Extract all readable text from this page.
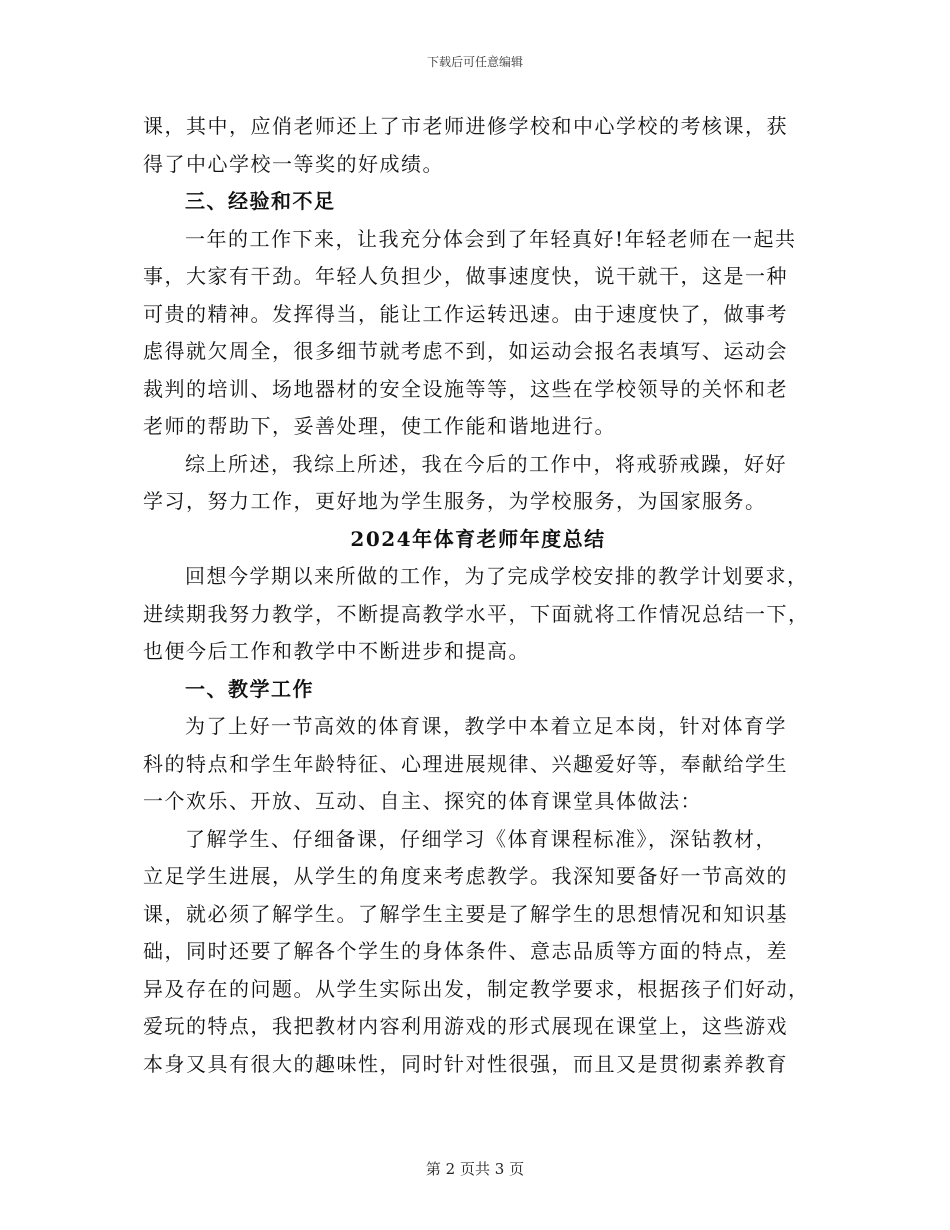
下载后可任意编辑
课，其中，应俏老师还上了市老师进修学校和中心学校的考核课，获
得了中心学校一等奖的好成绩。
三、经验和不足
一年的工作下来，让我充分体会到了年轻真好!年轻老师在一起共
事，大家有干劲。年轻人负担少，做事速度快，说干就干，这是一种
可贵的精神。发挥得当，能让工作运转迅速。由于速度快了，做事考
虑得就欠周全，很多细节就考虑不到，如运动会报名表填写、运动会
裁判的培训、场地器材的安全设施等等，这些在学校领导的关怀和老
老师的帮助下，妥善处理，使工作能和谐地进行。
综上所述，我综上所述，我在今后的工作中，将戒骄戒躁，好好
学习，努力工作，更好地为学生服务，为学校服务，为国家服务。
2024年体育老师年度总结
回想今学期以来所做的工作，为了完成学校安排的教学计划要求，
进续期我努力教学，不断提高教学水平，下面就将工作情况总结一下，
也便今后工作和教学中不断进步和提高。
一、教学工作
为了上好一节高效的体育课，教学中本着立足本岗，针对体育学
科的特点和学生年龄特征、心理进展规律、兴趣爱好等，奉献给学生
一个欢乐、开放、互动、自主、探究的体育课堂具体做法：
了解学生、仔细备课，仔细学习《体育课程标准》，深钻教材，
立足学生进展，从学生的角度来考虑教学。我深知要备好一节高效的
课，就必须了解学生。了解学生主要是了解学生的思想情况和知识基
础，同时还要了解各个学生的身体条件、意志品质等方面的特点，差
异及存在的问题。从学生实际出发，制定教学要求，根据孩子们好动，
爱玩的特点，我把教材内容利用游戏的形式展现在课堂上，这些游戏
本身又具有很大的趣味性，同时针对性很强，而且又是贯彻素养教育
第 2 页共 3 页
